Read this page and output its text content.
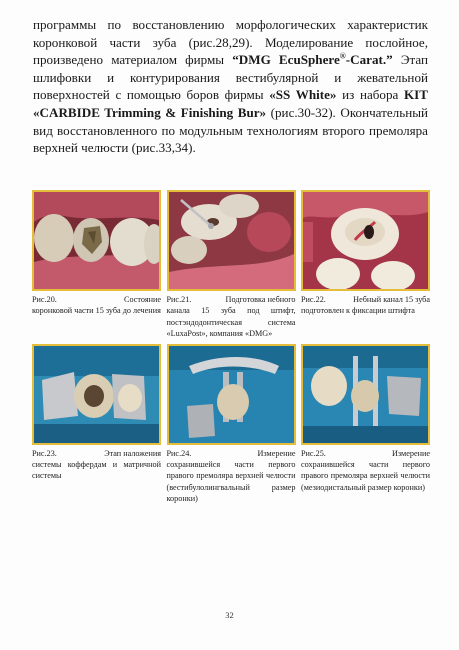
программы по восстановлению морфологических характеристик коронковой части зуба (рис.28,29). Моделирование послойное, произведено материалом фирмы “DMG EcuSphere®-Carat.” Этап шлифовки и контурирования вестибулярной и жевательной поверхностей с помощью боров фирмы «SS White» из набора KIT «CARBIDE Trimming & Finishing Bur» (рис.30-32). Окончательный вид восстановленного по модульным технологиям второго премоляра верхней челюсти (рис.33,34).
Рис.20.	Состояние
коронковой части 15 зуба до лечения
Рис.21.	Подготовка небного
канала 15 зуба под штифт, постэндодонтическая система «LuxaPost», компания «DMG»
Рис.22.	Небный канал 15 зуба
подготовлен к фиксации штифта
Рис.23.	Этап наложения
системы коффердам и матричной системы
Рис.24.	Измерение
сохранившейся части первого правого премоляра верхней челюсти (вестибулолингвальный размер коронки)
Рис.25.	Измерение
сохранившейся части первого правого премоляра верхней челюсти (мезиодистальный размер коронки)
32
